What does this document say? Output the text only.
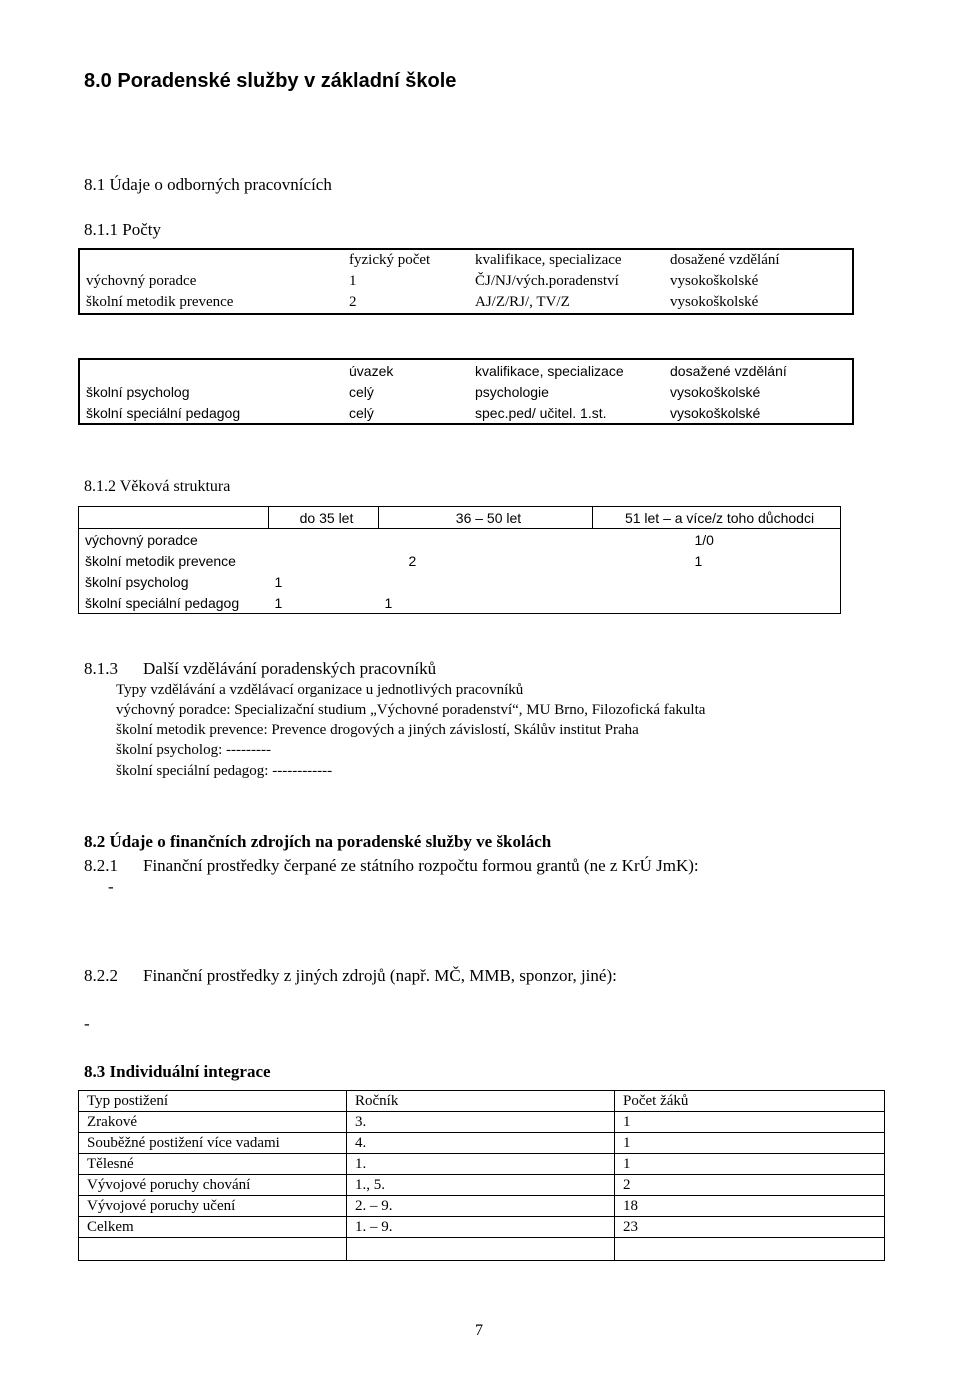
8.0 Poradenské služby v základní škole
8.1 Údaje o odborných pracovnících
8.1.1 Počty
	fyzický počet	kvalifikace, specializace	dosažené vzdělání
výchovný poradce	1	ČJ/NJ/vých.poradenství	vysokoškolské
školní metodik prevence	2	AJ/Z/RJ/, TV/Z	vysokoškolské
	úvazek	kvalifikace, specializace	dosažené vzdělání
školní psycholog	celý	psychologie	vysokoškolské
školní speciální pedagog	celý	spec.ped/ učitel. 1.st.	vysokoškolské
8.1.2 Věková struktura
	do 35 let	36 – 50 let	51 let – a více/z toho důchodci
výchovný poradce			1/0
školní metodik prevence		2	1
školní psycholog	1		
školní speciální pedagog	1	1	
8.1.3 Další vzdělávání poradenských pracovníků
Typy vzdělávání a vzdělávací organizace u jednotlivých pracovníků
výchovný poradce: Specializační studium „Výchovné poradenství“, MU Brno, Filozofická fakulta
školní metodik prevence: Prevence drogových a jiných závislostí, Skálův institut Praha
školní psycholog: ---------
školní speciální pedagog: ------------
8.2 Údaje o finančních zdrojích na poradenské služby ve školách
8.2.1 Finanční prostředky čerpané ze státního rozpočtu formou grantů (ne z KrÚ JmK):
-
8.2.2 Finanční prostředky z jiných zdrojů (např. MČ, MMB, sponzor, jiné):
-
8.3 Individuální integrace
Typ postižení	Ročník	Počet žáků
Zrakové	3.	1
Souběžné postižení více vadami	4.	1
Tělesné	1.	1
Vývojové poruchy chování	1., 5.	2
Vývojové poruchy učení	2. – 9.	18
Celkem	1. – 9.	23

7
